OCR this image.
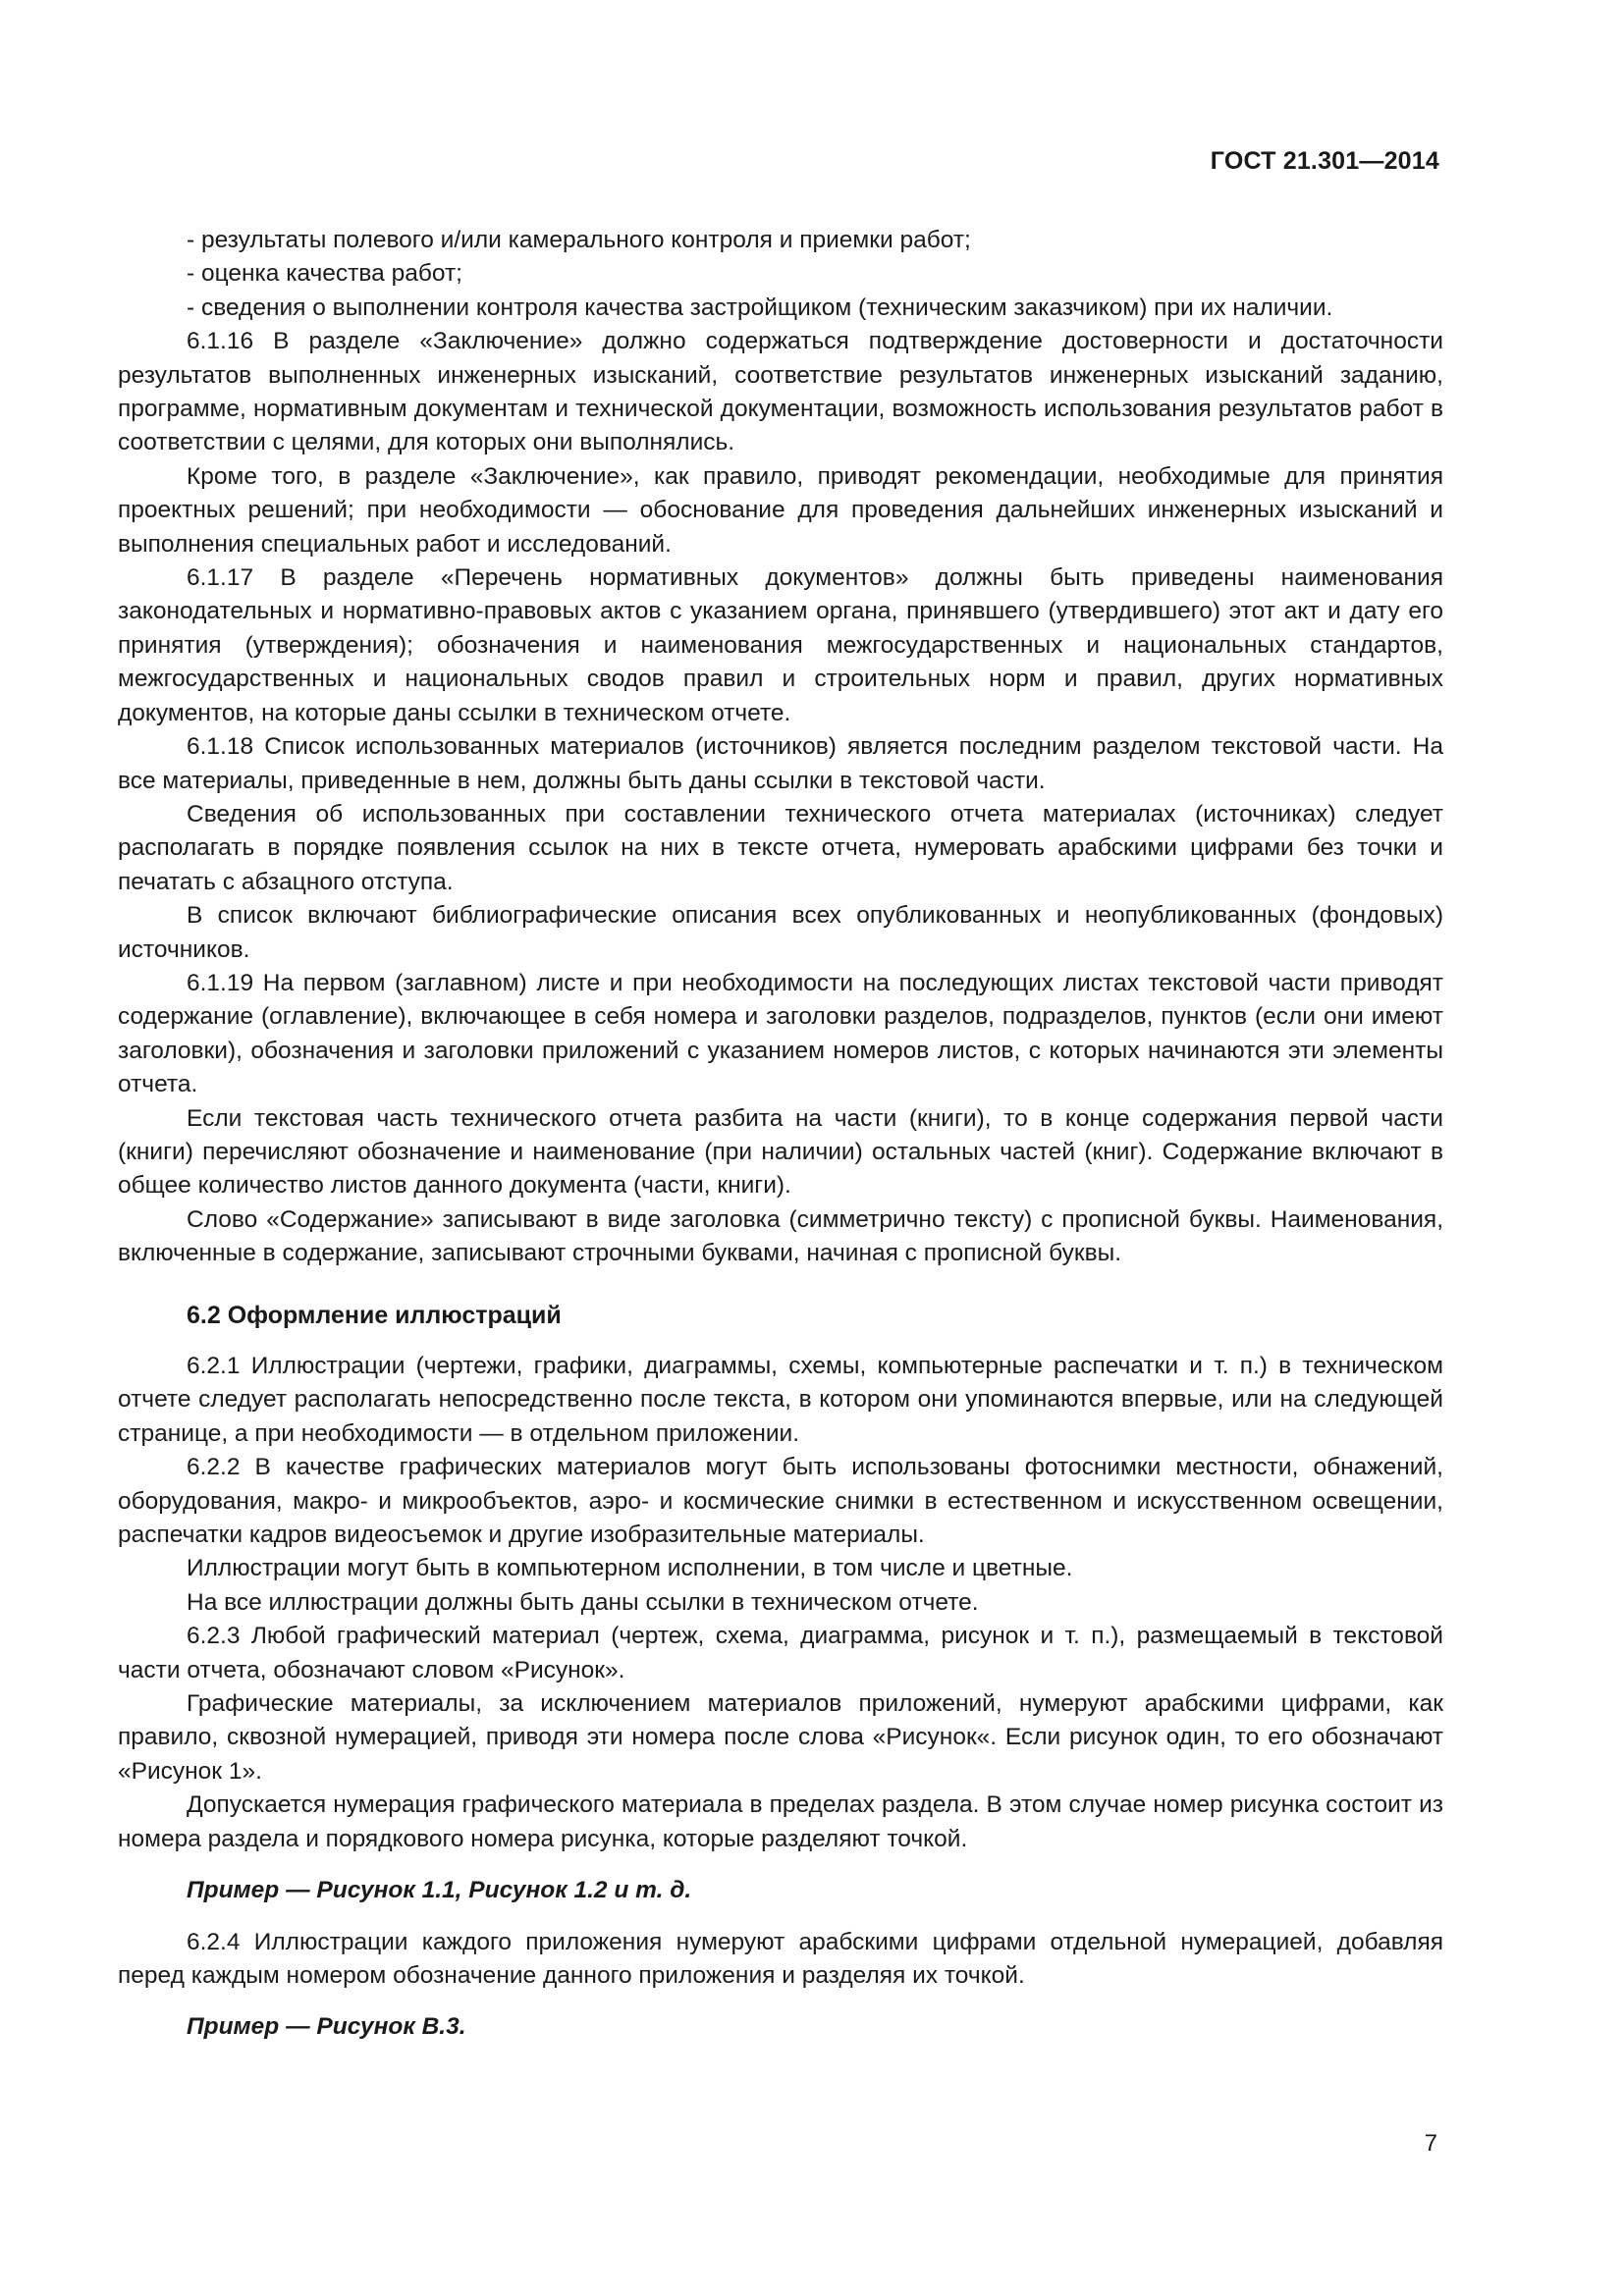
ГОСТ 21.301—2014

- результаты полевого и/или камерального контроля и приемки работ;

- оценка качества работ;

- сведения о выполнении контроля качества застройщиком (техническим заказчиком) при их наличии.

6.1.16 В разделе «Заключение» должно содержаться подтверждение достоверности и достаточности результатов выполненных инженерных изысканий, соответствие результатов инженерных изысканий заданию, программе, нормативным документам и технической документации, возможность использования результатов работ в соответствии с целями, для которых они выполнялись.

Кроме того, в разделе «Заключение», как правило, приводят рекомендации, необходимые для принятия проектных решений; при необходимости — обоснование для проведения дальнейших инженерных изысканий и выполнения специальных работ и исследований.

6.1.17 В разделе «Перечень нормативных документов» должны быть приведены наименования законодательных и нормативно-правовых актов с указанием органа, принявшего (утвердившего) этот акт и дату его принятия (утверждения); обозначения и наименования межгосударственных и национальных стандартов, межгосударственных и национальных сводов правил и строительных норм и правил, других нормативных документов, на которые даны ссылки в техническом отчете.

6.1.18 Список использованных материалов (источников) является последним разделом текстовой части. На все материалы, приведенные в нем, должны быть даны ссылки в текстовой части.

Сведения об использованных при составлении технического отчета материалах (источниках) следует располагать в порядке появления ссылок на них в тексте отчета, нумеровать арабскими цифрами без точки и печатать с абзацного отступа.

В список включают библиографические описания всех опубликованных и неопубликованных (фондовых) источников.

6.1.19 На первом (заглавном) листе и при необходимости на последующих листах текстовой части приводят содержание (оглавление), включающее в себя номера и заголовки разделов, подразделов, пунктов (если они имеют заголовки), обозначения и заголовки приложений с указанием номеров листов, с которых начинаются эти элементы отчета.

Если текстовая часть технического отчета разбита на части (книги), то в конце содержания первой части (книги) перечисляют обозначение и наименование (при наличии) остальных частей (книг). Содержание включают в общее количество листов данного документа (части, книги).

Слово «Содержание» записывают в виде заголовка (симметрично тексту) с прописной буквы. Наименования, включенные в содержание, записывают строчными буквами, начиная с прописной буквы.

6.2 Оформление иллюстраций

6.2.1 Иллюстрации (чертежи, графики, диаграммы, схемы, компьютерные распечатки и т. п.) в техническом отчете следует располагать непосредственно после текста, в котором они упоминаются впервые, или на следующей странице, а при необходимости — в отдельном приложении.

6.2.2 В качестве графических материалов могут быть использованы фотоснимки местности, обнажений, оборудования, макро- и микрообъектов, аэро- и космические снимки в естественном и искусственном освещении, распечатки кадров видеосъемок и другие изобразительные материалы.

Иллюстрации могут быть в компьютерном исполнении, в том числе и цветные.

На все иллюстрации должны быть даны ссылки в техническом отчете.

6.2.3 Любой графический материал (чертеж, схема, диаграмма, рисунок и т. п.), размещаемый в текстовой части отчета, обозначают словом «Рисунок».

Графические материалы, за исключением материалов приложений, нумеруют арабскими цифрами, как правило, сквозной нумерацией, приводя эти номера после слова «Рисунок«. Если рисунок один, то его обозначают «Рисунок 1».

Допускается нумерация графического материала в пределах раздела. В этом случае номер рисунка состоит из номера раздела и порядкового номера рисунка, которые разделяют точкой.

Пример — Рисунок 1.1, Рисунок 1.2 и т. д.

6.2.4 Иллюстрации каждого приложения нумеруют арабскими цифрами отдельной нумерацией, добавляя перед каждым номером обозначение данного приложения и разделяя их точкой.

Пример — Рисунок В.3.
7
